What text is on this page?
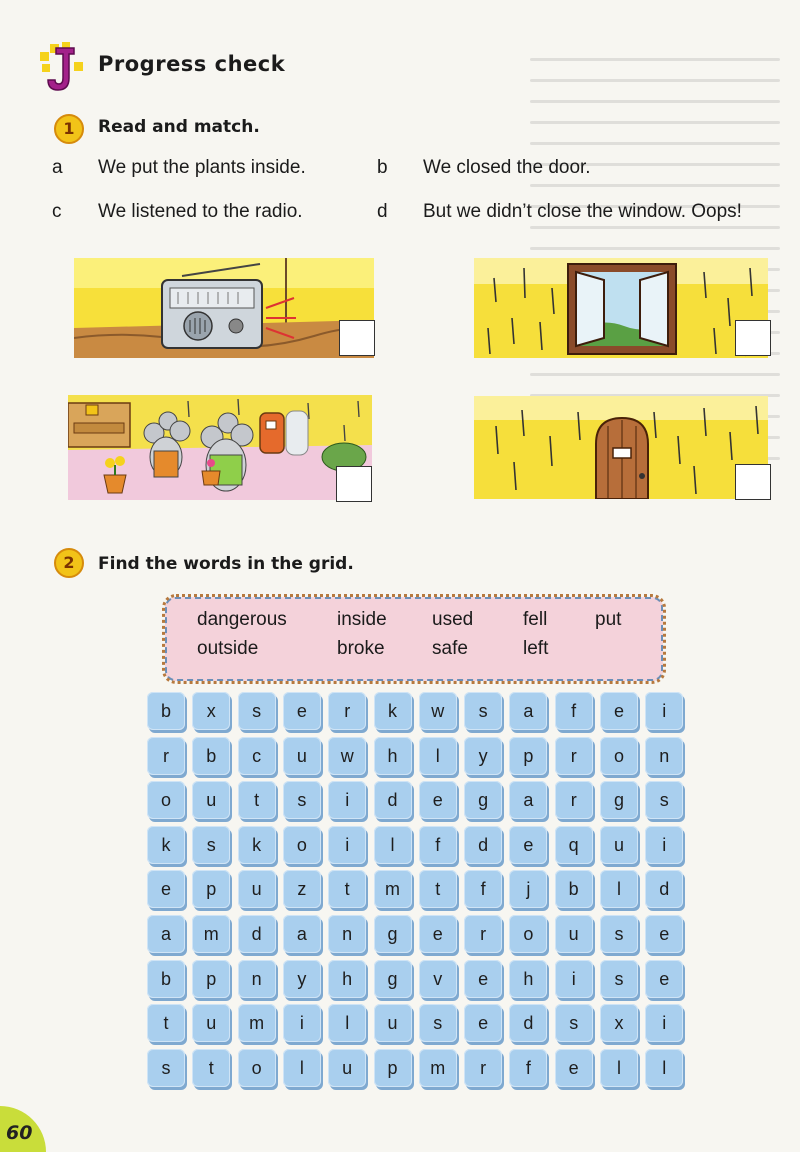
Progress check
1	Read and match.
a We put the plants inside.	b We closed the door.
c We listened to the radio.	d But we didn’t close the window. Oops!
2	Find the words in the grid.
dangerous	inside used	fell	put
outside	broke safe	left
b	x	s	e	r	k	w	s	a	f	e	i
r	b	c	u	w	h	l	y	p	r	o	n
o	u	t	s	i	d	e	g	a	r	g	s
k	s	k	o	i	l	f	d	e	q	u	i
e	p	u	z	t	m	t	f	j	b	l	d
a	m	d	a	n	g	e	r	o	u	s	e
b	p	n	y	h	g	v	e	h	i	s	e
t	u	m	i	l	u	s	e	d	s	x	i
s	t	o	l	u	p	m	r	f	e	l	l
60
